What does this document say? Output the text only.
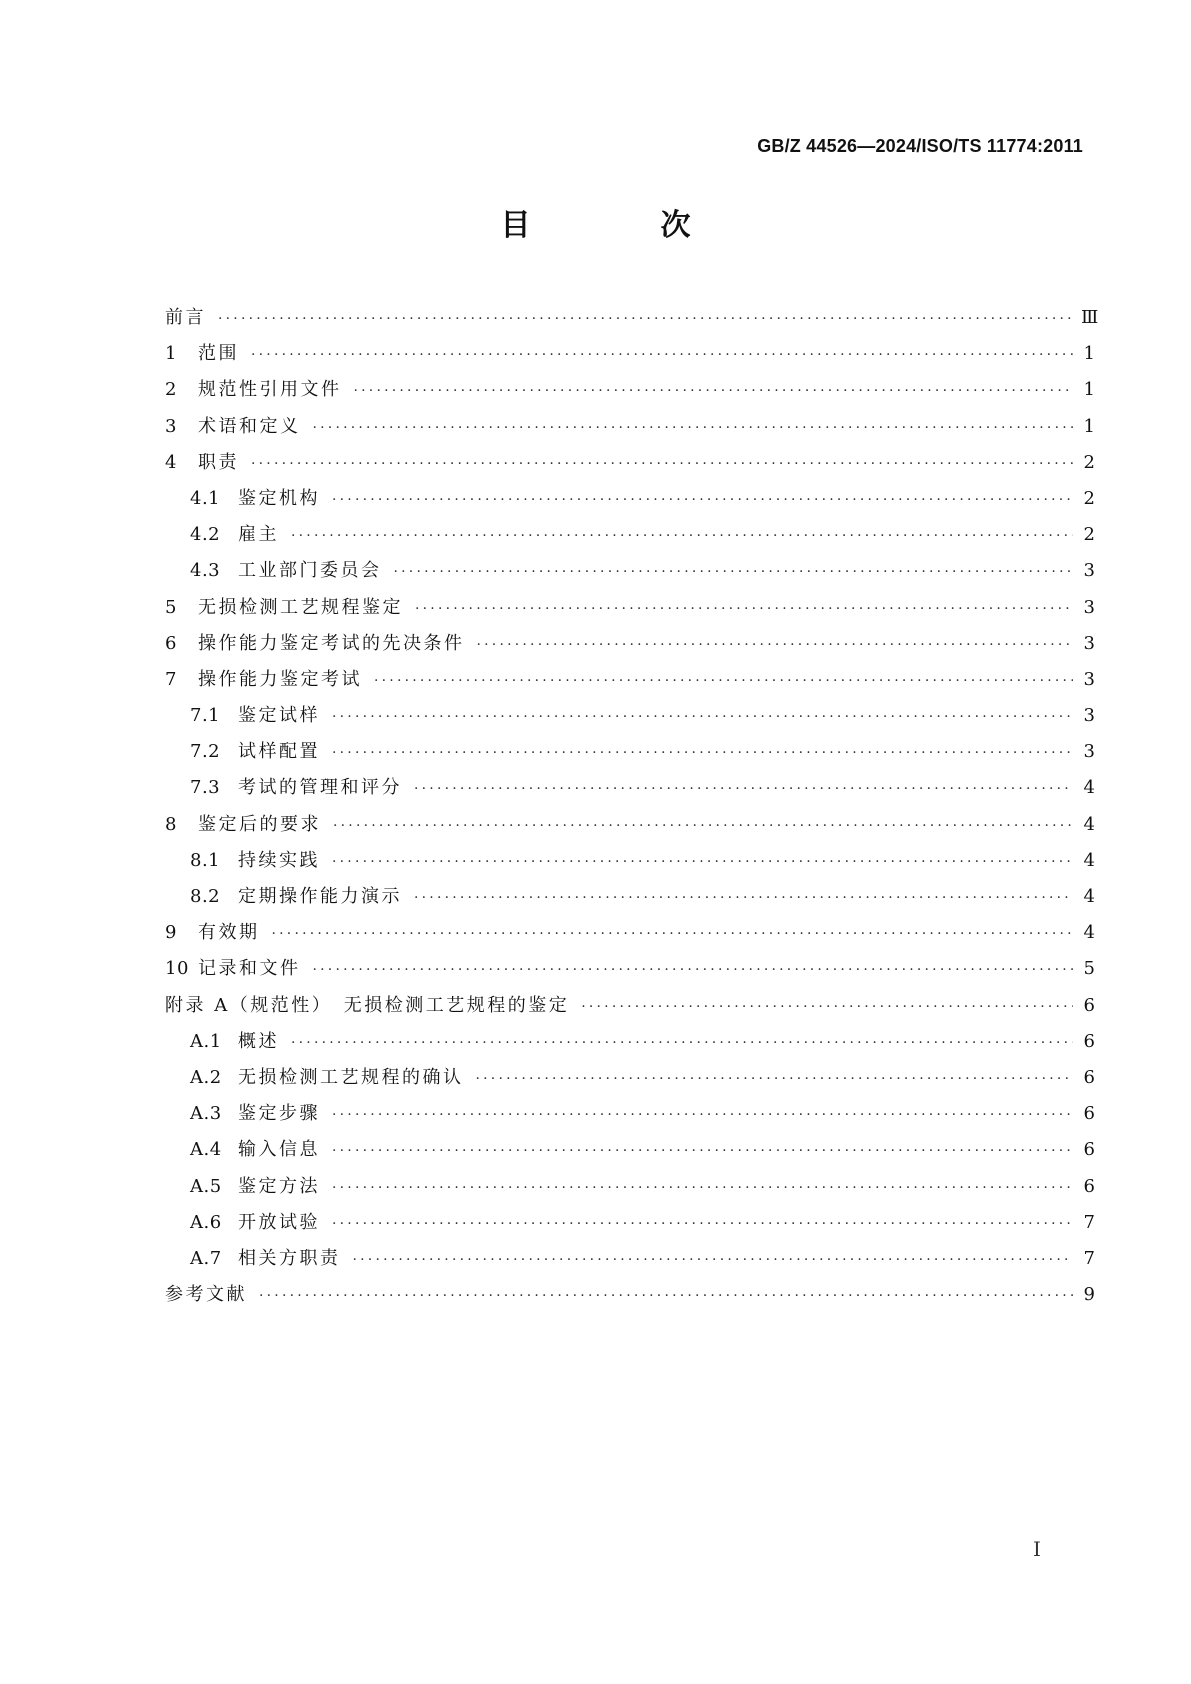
GB/Z 44526—2024/ISO/TS 11774:2011
目　次
前言 ·····	Ⅲ
1 范围 ·····	1
2 规范性引用文件 ·····	1
3 术语和定义 ·····	1
4 职责 ·····	2
4.1 鉴定机构 ·····	2
4.2 雇主 ·····	2
4.3 工业部门委员会 ·····	3
5 无损检测工艺规程鉴定 ·····	3
6 操作能力鉴定考试的先决条件 ·····	3
7 操作能力鉴定考试 ·····	3
7.1 鉴定试样 ·····	3
7.2 试样配置 ·····	3
7.3 考试的管理和评分 ·····	4
8 鉴定后的要求 ·····	4
8.1 持续实践 ·····	4
8.2 定期操作能力演示 ·····	4
9 有效期 ·····	4
10 记录和文件 ·····	5
附录 A（规范性）　无损检测工艺规程的鉴定 ·····	6
A.1 概述 ·····	6
A.2 无损检测工艺规程的确认 ·····	6
A.3 鉴定步骤 ·····	6
A.4 输入信息 ·····	6
A.5 鉴定方法 ·····	6
A.6 开放试验 ·····	7
A.7 相关方职责 ·····	7
参考文献 ·····	9
I
